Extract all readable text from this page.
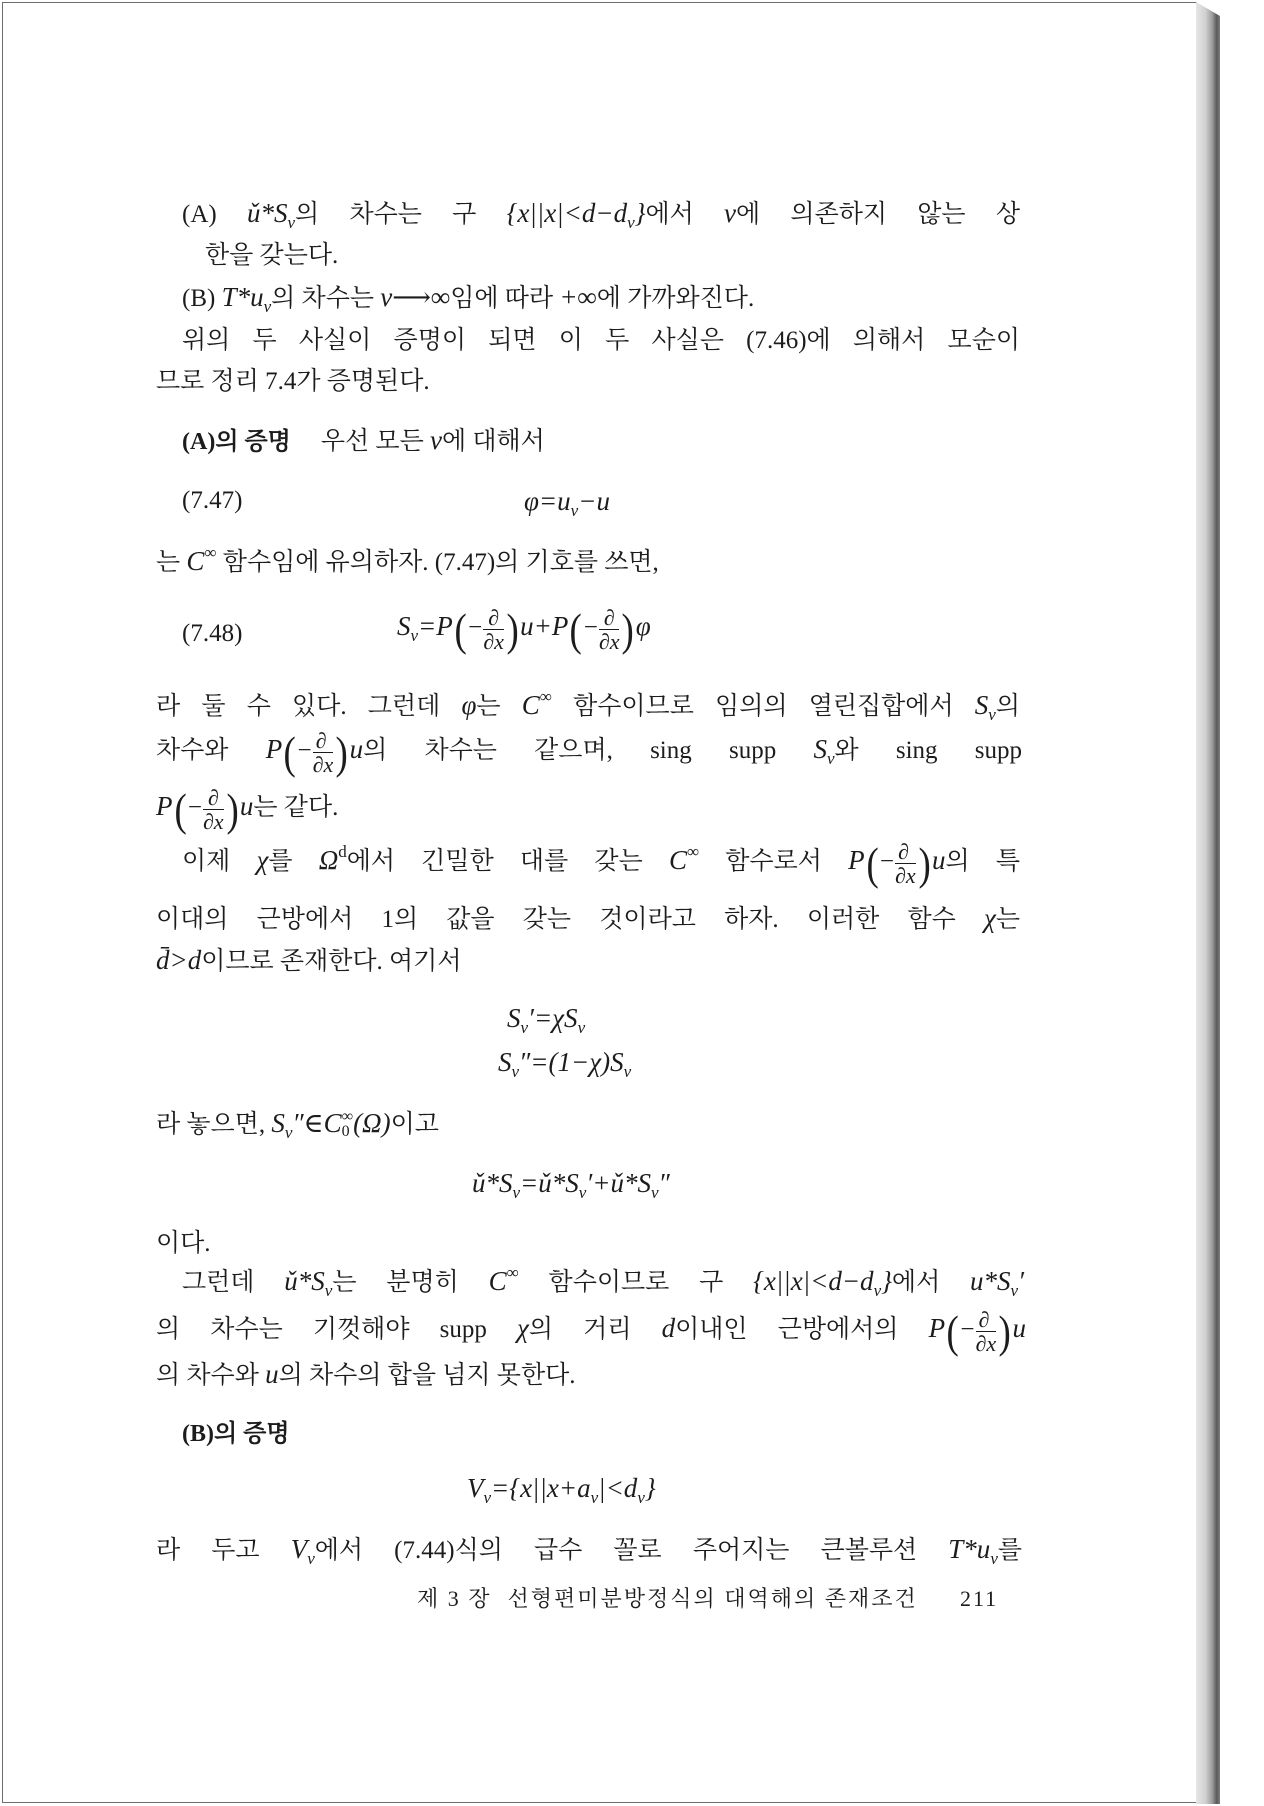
(A) $ǔ*S_\nu$의 차수는 구 $\{x||x|<d-d_\nu\}$에서 ν에 의존하지 않는 상
한을 갖는다.
(B) $T*u_\nu$의 차수는 ν⟶∞임에 따라 +∞에 가까와진다.
위의 두 사실이 증명이 되면 이 두 사실은 (7.46)에 의해서 모순이
므로 정리 7.4가 증명된다.
(A)의 증명 우선 모든 ν에 대해서
(7.47)	$\varphi=u_\nu-u$
는 C∞ 함수임에 유의하자. (7.47)의 기호를 쓰면,
(7.48)	$S_\nu=P(- \frac{\partial}{\partial x} )u+P(- \frac{\partial}{\partial x} )\varphi$
라 둘 수 있다. 그런데 φ는 C∞ 함수이므로 임의의 열린집합에서 $S_\nu$의
차수와 $P(- \frac{\partial}{\partial x} )u$의 차수는 같으며, sing supp $S_\nu$와 sing supp
$P(- \frac{\partial}{\partial x} )u$는 같다.
이제 χ를 $\Omega^d$에서 긴밀한 대를 갖는 C∞ 함수로서 $P(- \frac{\partial}{\partial x} )u$의 특
이대의 근방에서 1의 값을 갖는 것이라고 하자. 이러한 함수 χ는
d̄>d이므로 존재한다. 여기서
$S_\nu'=\chi S_\nu$
$S_\nu''=(1-\chi)S_\nu$
라 놓으면, $S_\nu''\in C$ ∞
0 (Ω)이고
$ǔ*S_\nu=ǔ*S_\nu'+ǔ*S_\nu''$
이다.
그런데 $ǔ*S_\nu$는 분명히 C∞ 함수이므로 구 $\{x||x|<d-d_\nu\}$에서 $u*S_\nu'$
의 차수는 기껏해야 supp χ의 거리 d이내인 근방에서의 $P(- \frac{\partial}{\partial x} )u$
의 차수와 u의 차수의 합을 넘지 못한다.
(B)의 증명
$V_\nu=\{x||x+a_\nu|<d_\nu\}$
라 두고 $V_\nu$에서 (7.44)식의 급수 꼴로 주어지는 큰볼루션 $T*u_\nu$를
제 3 장 선형편미분방정식의 대역해의 존재조건 211
